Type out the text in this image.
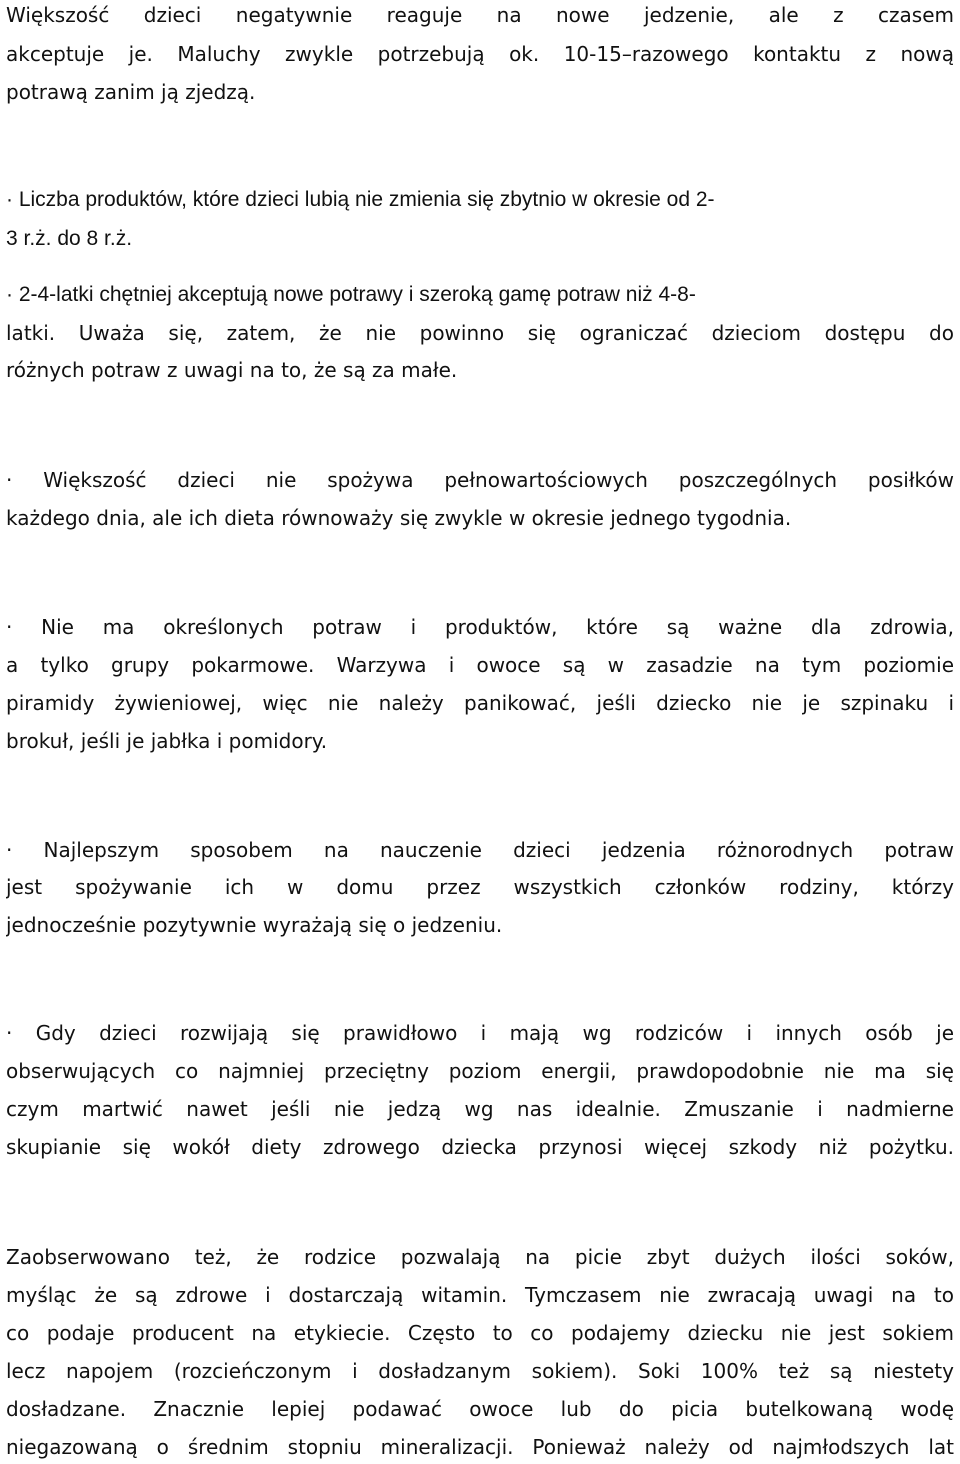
Większość dzieci negatywnie reaguje na nowe jedzenie, ale z czasem
akceptuje je. Maluchy zwykle potrzebują ok. 10-15–razowego kontaktu z nową
potrawą zanim ją zjedzą.
· Liczba produktów, które dzieci lubią nie zmienia się zbytnio w okresie od 2-
3 r.ż. do 8 r.ż.
· 2-4-latki chętniej akceptują nowe potrawy i szeroką gamę potraw niż 4-8-
latki. Uważa się, zatem, że nie powinno się ograniczać dzieciom dostępu do
różnych potraw z uwagi na to, że są za małe.
· Większość dzieci nie spożywa pełnowartościowych poszczególnych posiłków
każdego dnia, ale ich dieta równoważy się zwykle w okresie jednego tygodnia.
· Nie ma określonych potraw i produktów, które są ważne dla zdrowia,
a tylko grupy pokarmowe. Warzywa i owoce są w zasadzie na tym poziomie
piramidy żywieniowej, więc nie należy panikować, jeśli dziecko nie je szpinaku i
brokuł, jeśli je jabłka i pomidory.
· Najlepszym sposobem na nauczenie dzieci jedzenia różnorodnych potraw
jest spożywanie ich w domu przez wszystkich członków rodziny, którzy
jednocześnie pozytywnie wyrażają się o jedzeniu.
· Gdy dzieci rozwijają się prawidłowo i mają wg rodziców i innych osób je
obserwujących co najmniej przeciętny poziom energii, prawdopodobnie nie ma się
czym martwić nawet jeśli nie jedzą wg nas idealnie. Zmuszanie i nadmierne
skupianie się wokół diety zdrowego dziecka przynosi więcej szkody niż pożytku.
Zaobserwowano też, że rodzice pozwalają na picie zbyt dużych ilości soków,
myśląc że są zdrowe i dostarczają witamin. Tymczasem nie zwracają uwagi na to
co podaje producent na etykiecie. Często to co podajemy dziecku nie jest sokiem
lecz napojem (rozcieńczonym i dosładzanym sokiem). Soki 100% też są niestety
dosładzane. Znacznie lepiej podawać owoce lub do picia butelkowaną wodę
niegazowaną o średnim stopniu mineralizacji. Ponieważ należy od najmłodszych lat
